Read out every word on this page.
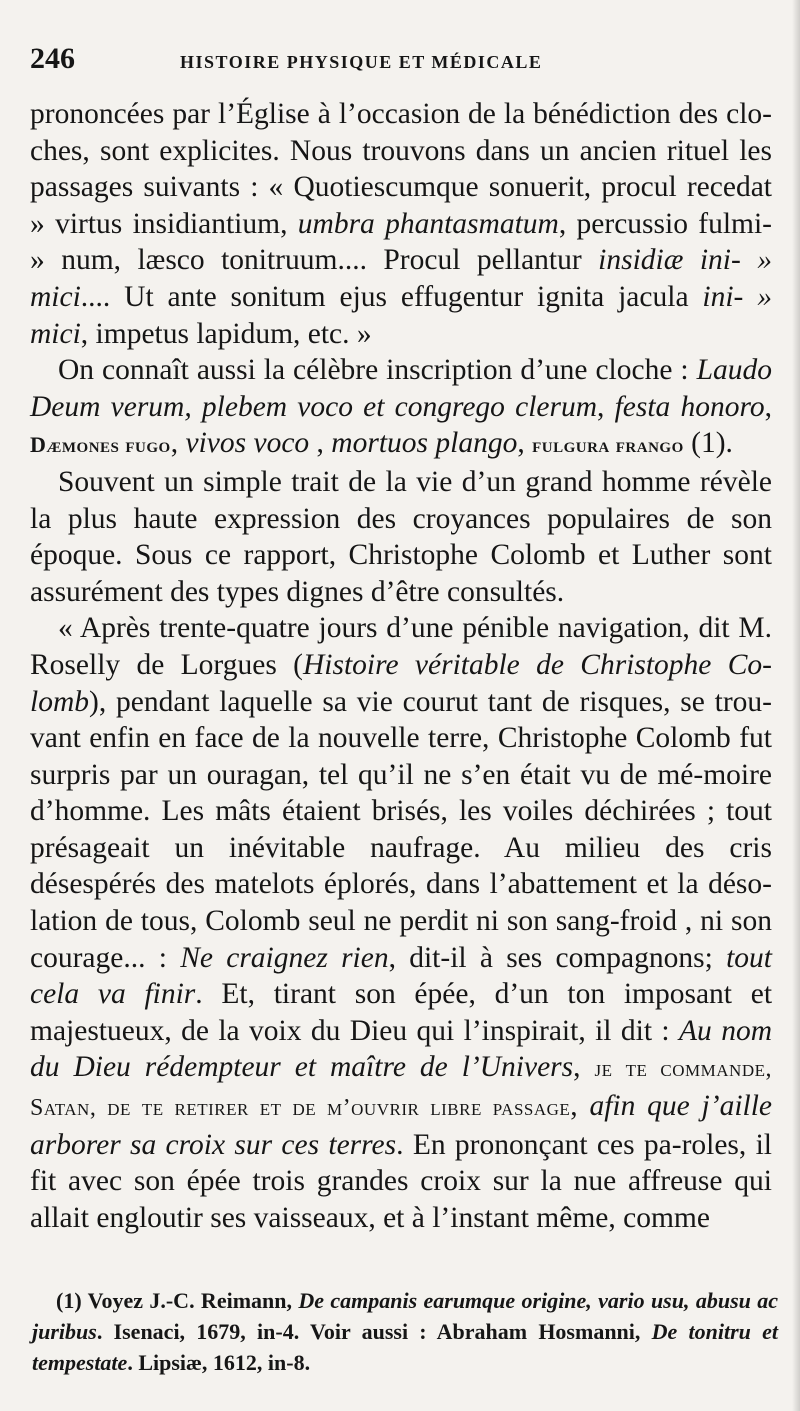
246	HISTOIRE PHYSIQUE ET MÉDICALE

prononcées par l’Église à l’occasion de la bénédiction des clo-ches, sont explicites. Nous trouvons dans un ancien rituel les passages suivants : « Quotiescumque sonuerit, procul recedat » virtus insidiantium, umbra phantasmatum, percussio fulmi- » num, læsco tonitruum.... Procul pellantur insidiæ ini- » mici.... Ut ante sonitum ejus effugentur ignita jacula ini- » mici, impetus lapidum, etc. »

On connaît aussi la célèbre inscription d’une cloche : Laudo Deum verum, plebem voco et congrego clerum, festa honoro, Dæmones fugo, vivos voco , mortuos plango, fulgura frango (1).

Souvent un simple trait de la vie d’un grand homme révèle la plus haute expression des croyances populaires de son époque. Sous ce rapport, Christophe Colomb et Luther sont assurément des types dignes d’être consultés.

« Après trente-quatre jours d’une pénible navigation, dit M. Roselly de Lorgues (Histoire véritable de Christophe Co-lomb), pendant laquelle sa vie courut tant de risques, se trou-vant enfin en face de la nouvelle terre, Christophe Colomb fut surpris par un ouragan, tel qu’il ne s’en était vu de mé-moire d’homme. Les mâts étaient brisés, les voiles déchirées ; tout présageait un inévitable naufrage. Au milieu des cris désespérés des matelots éplorés, dans l’abattement et la déso-lation de tous, Colomb seul ne perdit ni son sang-froid , ni son courage... : Ne craignez rien, dit-il à ses compagnons; tout cela va finir. Et, tirant son épée, d’un ton imposant et majestueux, de la voix du Dieu qui l’inspirait, il dit : Au nom du Dieu rédempteur et maître de l’Univers, je te commande, Satan, de te retirer et de m’ouvrir libre passage, afin que j’aille arborer sa croix sur ces terres. En prononçant ces pa-roles, il fit avec son épée trois grandes croix sur la nue affreuse qui allait engloutir ses vaisseaux, et à l’instant même, comme

(1) Voyez J.-C. Reimann, De campanis earumque origine, vario usu, abusu ac juribus. Isenaci, 1679, in-4. Voir aussi : Abraham Hosmanni, De tonitru et tempestate. Lipsiæ, 1612, in-8.
